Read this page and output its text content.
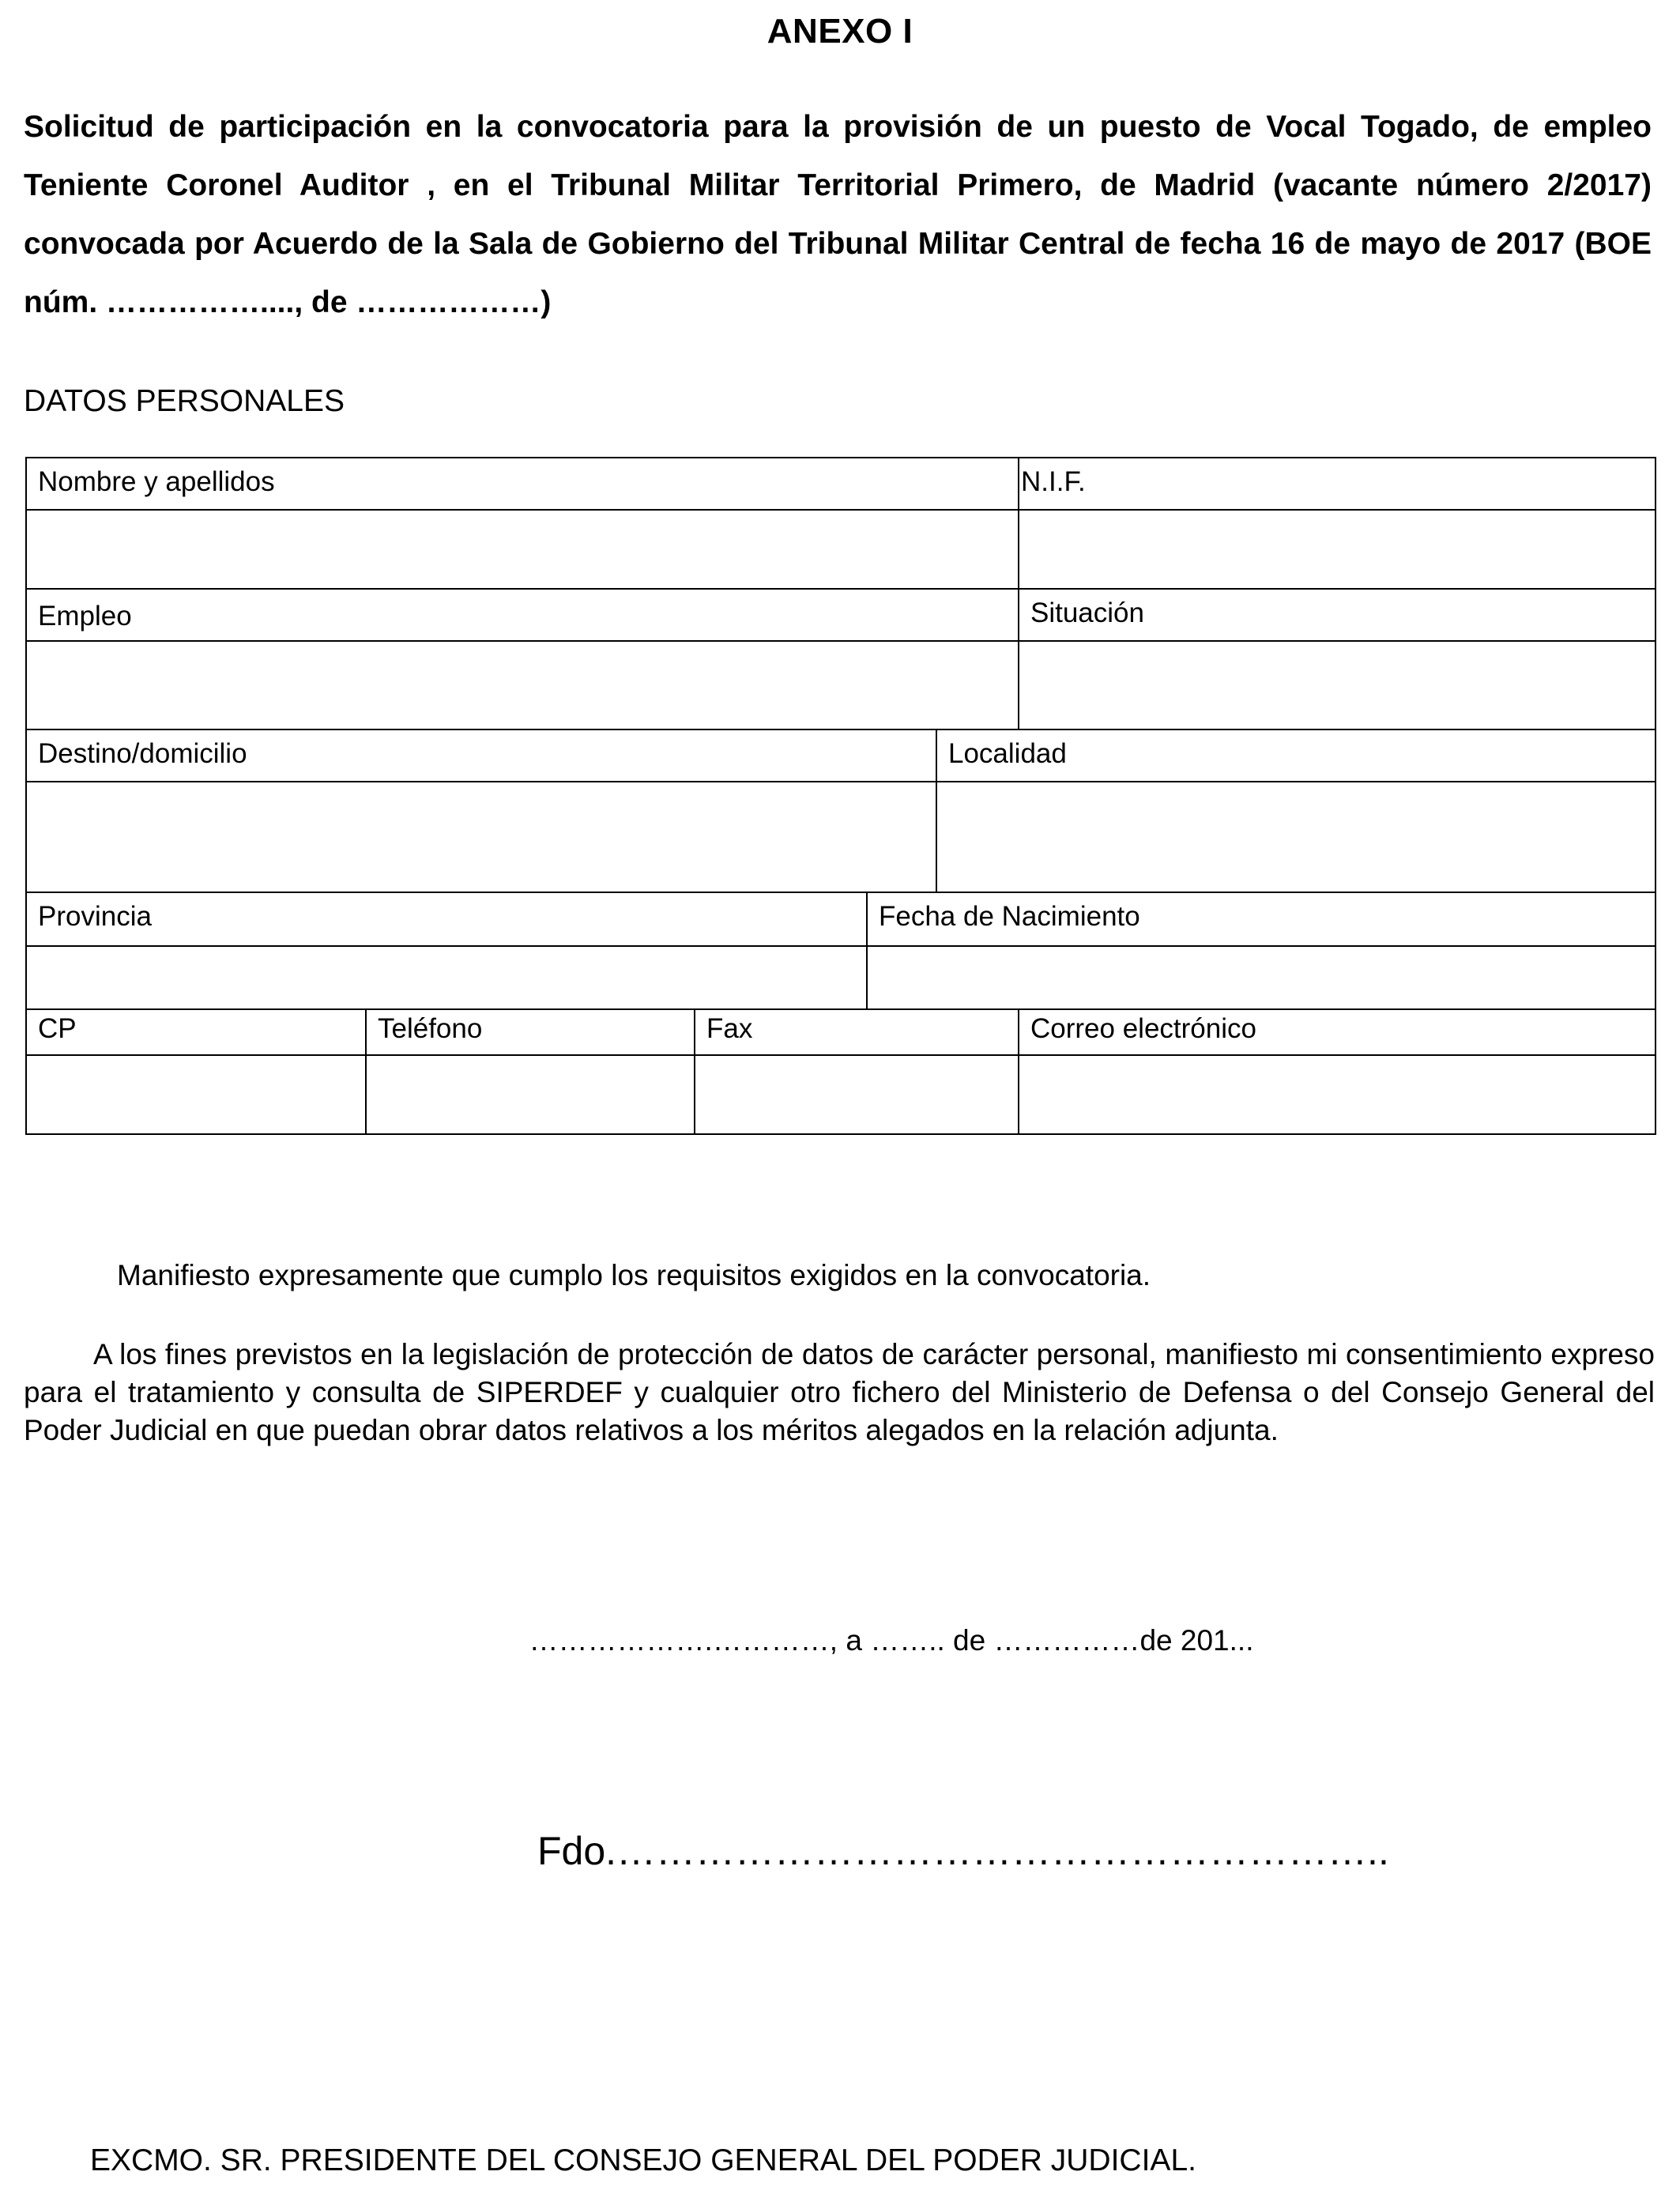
ANEXO I
Solicitud de participación en la convocatoria para la provisión de un puesto de Vocal Togado, de empleo Teniente Coronel Auditor , en el Tribunal Militar Territorial Primero, de Madrid (vacante número 2/2017) convocada por Acuerdo de la Sala de Gobierno del Tribunal Militar Central de fecha 16 de mayo de 2017 (BOE núm. ……………...., de ………………)
DATOS PERSONALES
Nombre y apellidos	N.I.F.
Empleo	Situación
Destino/domicilio	Localidad
Provincia	Fecha de Nacimiento
CP	Teléfono	Fax	Correo electrónico
Manifiesto expresamente que cumplo los requisitos exigidos en la convocatoria.
A los fines previstos en la legislación de protección de datos de carácter personal, manifiesto mi consentimiento expreso para el tratamiento y consulta de SIPERDEF y cualquier otro fichero del Ministerio de Defensa o del Consejo General del Poder Judicial en que puedan obrar datos relativos a los méritos alegados en la relación adjunta.
……………….…………, a …….. de ……………de 201...
Fdo.…………………………………………………..
EXCMO. SR. PRESIDENTE DEL CONSEJO GENERAL DEL PODER JUDICIAL.
